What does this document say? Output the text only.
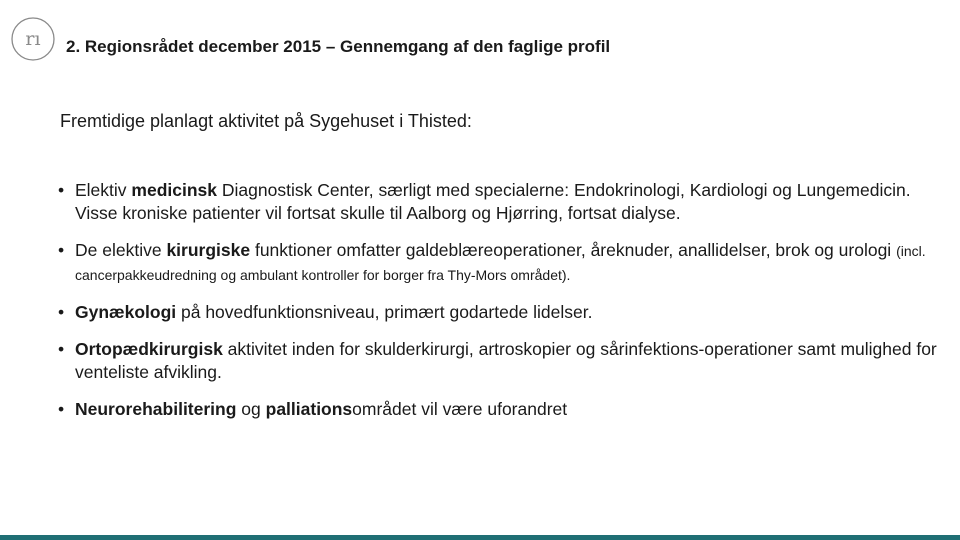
rı 2. Regionsrådet december 2015 – Gennemgang af den faglige profil
Fremtidige planlagt aktivitet på Sygehuset i Thisted:
• Elektiv medicinsk Diagnostisk Center, særligt med specialerne: Endokrinologi, Kardiologi og Lungemedicin. Visse kroniske patienter vil fortsat skulle til Aalborg og Hjørring, fortsat dialyse.
• De elektive kirurgiske funktioner omfatter galdeblæreoperationer, åreknuder, anallidelser, brok og urologi (incl. cancerpakkeudredning og ambulant kontroller for borger fra Thy-Mors området).
• Gynækologi på hovedfunktionsniveau, primært godartede lidelser.
• Ortopædkirurgisk aktivitet inden for skulderkirurgi, artroskopier og sårinfektions-operationer samt mulighed for venteliste afvikling.
• Neurorehabilitering og palliationsområdet vil være uforandret
